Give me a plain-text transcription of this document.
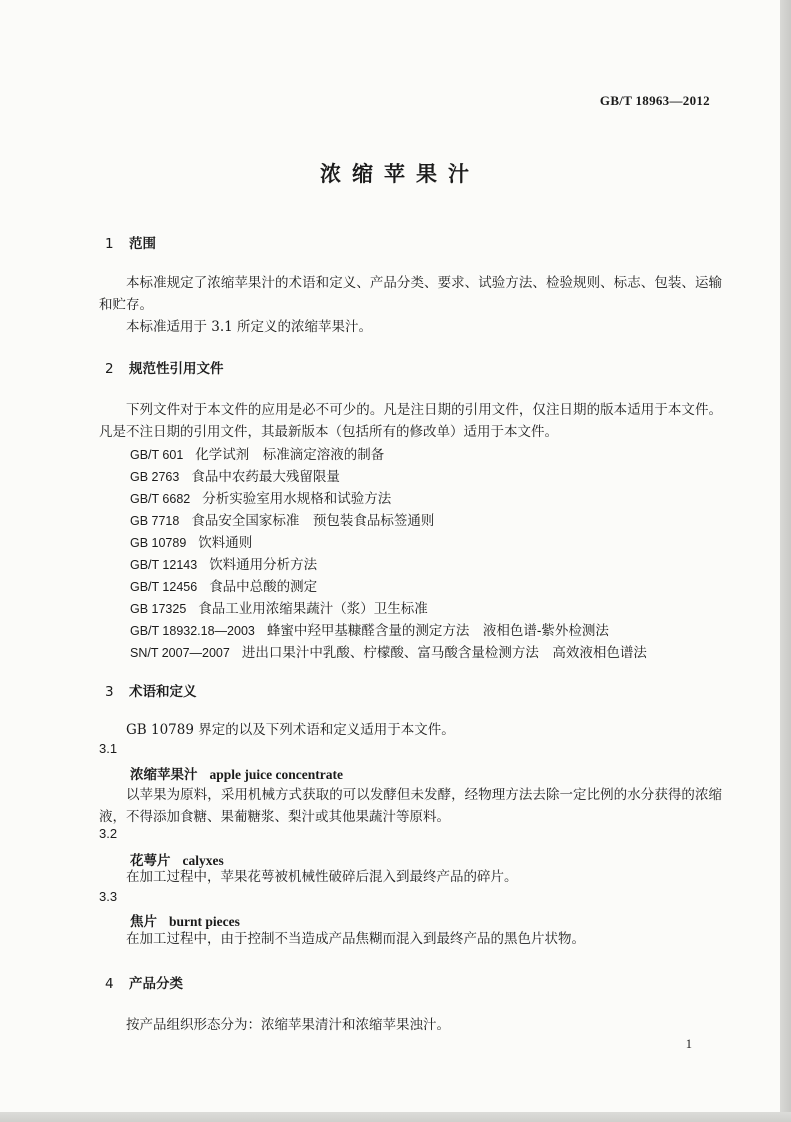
GB/T 18963—2012
浓缩苹果汁
1 范围
本标准规定了浓缩苹果汁的术语和定义、产品分类、要求、试验方法、检验规则、标志、包装、运输和贮存。
本标准适用于 3.1 所定义的浓缩苹果汁。
2 规范性引用文件
下列文件对于本文件的应用是必不可少的。凡是注日期的引用文件，仅注日期的版本适用于本文件。凡是不注日期的引用文件，其最新版本（包括所有的修改单）适用于本文件。
GB/T 601 化学试剂　标准滴定溶液的制备
GB 2763 食品中农药最大残留限量
GB/T 6682 分析实验室用水规格和试验方法
GB 7718 食品安全国家标准　预包装食品标签通则
GB 10789 饮料通则
GB/T 12143 饮料通用分析方法
GB/T 12456 食品中总酸的测定
GB 17325 食品工业用浓缩果蔬汁（浆）卫生标准
GB/T 18932.18—2003 蜂蜜中羟甲基糠醛含量的测定方法　液相色谱-紫外检测法
SN/T 2007—2007 进出口果汁中乳酸、柠檬酸、富马酸含量检测方法　高效液相色谱法
3 术语和定义
GB 10789 界定的以及下列术语和定义适用于本文件。
3.1
浓缩苹果汁 apple juice concentrate
以苹果为原料，采用机械方式获取的可以发酵但未发酵，经物理方法去除一定比例的水分获得的浓缩液，不得添加食糖、果葡糖浆、梨汁或其他果蔬汁等原料。
3.2
花萼片 calyxes
在加工过程中，苹果花萼被机械性破碎后混入到最终产品的碎片。
3.3
焦片 burnt pieces
在加工过程中，由于控制不当造成产品焦糊而混入到最终产品的黑色片状物。
4 产品分类
按产品组织形态分为：浓缩苹果清汁和浓缩苹果浊汁。
1
